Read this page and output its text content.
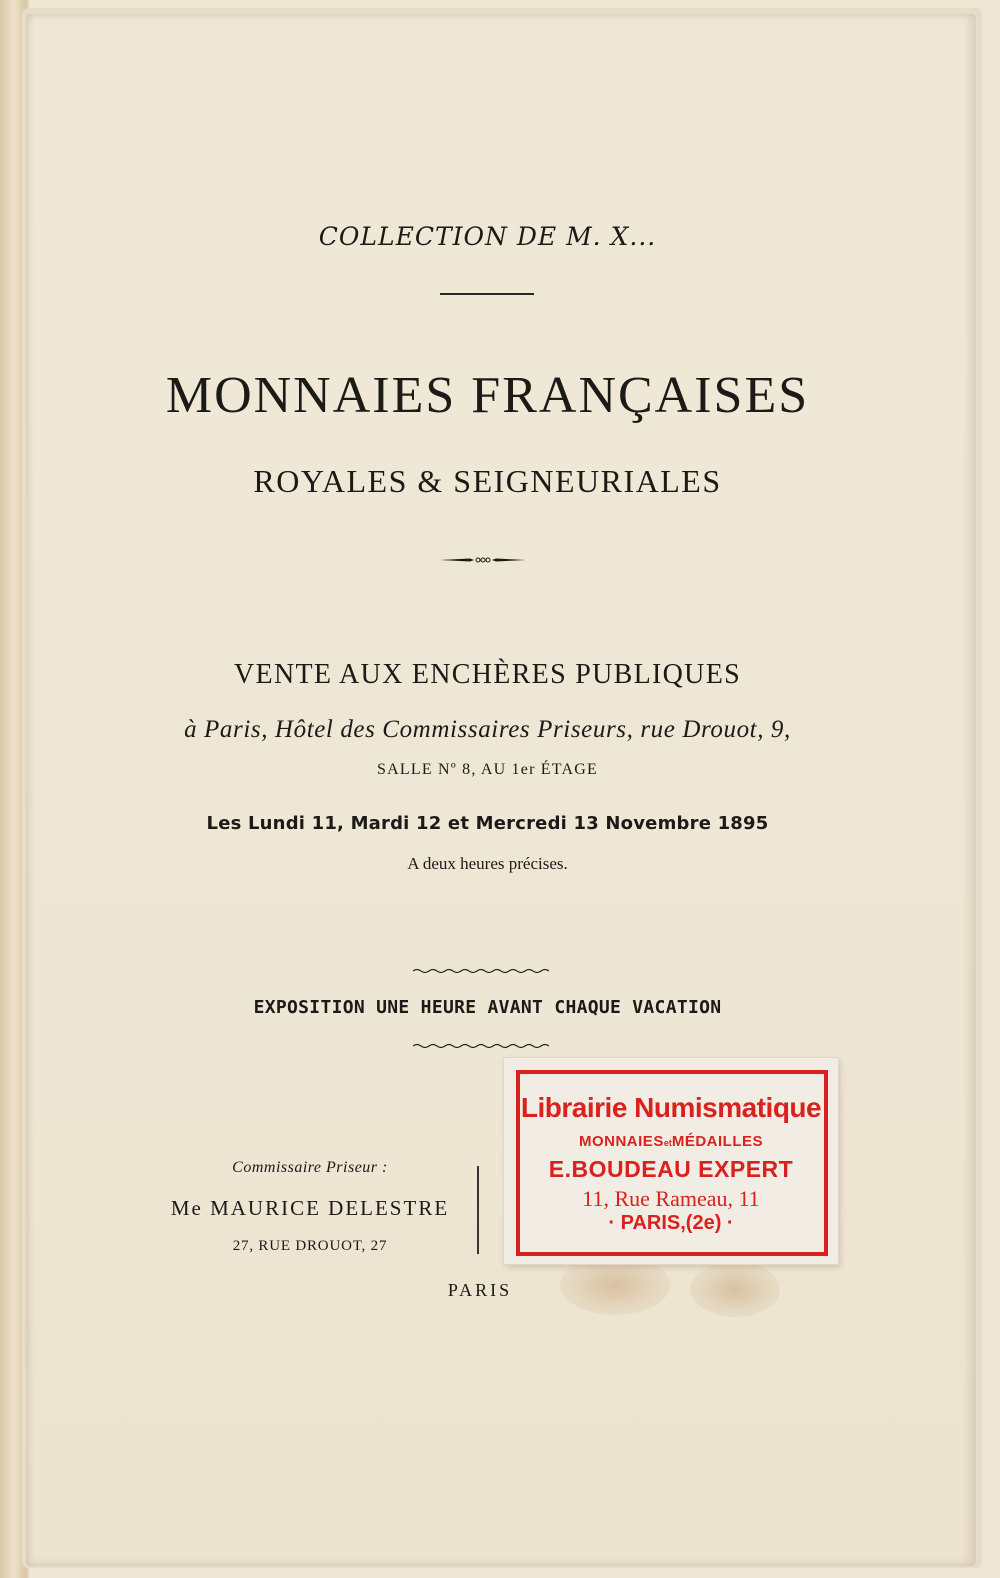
COLLECTION DE M. X...
MONNAIES FRANÇAISES
ROYALES & SEIGNEURIALES
VENTE AUX ENCHÈRES PUBLIQUES
à Paris, Hôtel des Commissaires Priseurs, rue Drouot, 9,
SALLE Nº 8, AU 1er ÉTAGE
Les Lundi 11, Mardi 12 et Mercredi 13 Novembre 1895
A deux heures précises.
EXPOSITION UNE HEURE AVANT CHAQUE VACATION
Commissaire Priseur :
Me MAURICE DELESTRE
27, RUE DROUOT, 27
PARIS
Librairie Numismatique
MONNAIESetMÉDAILLES
E.BOUDEAU EXPERT
11, Rue Rameau, 11
· PARIS,(2e) ·
